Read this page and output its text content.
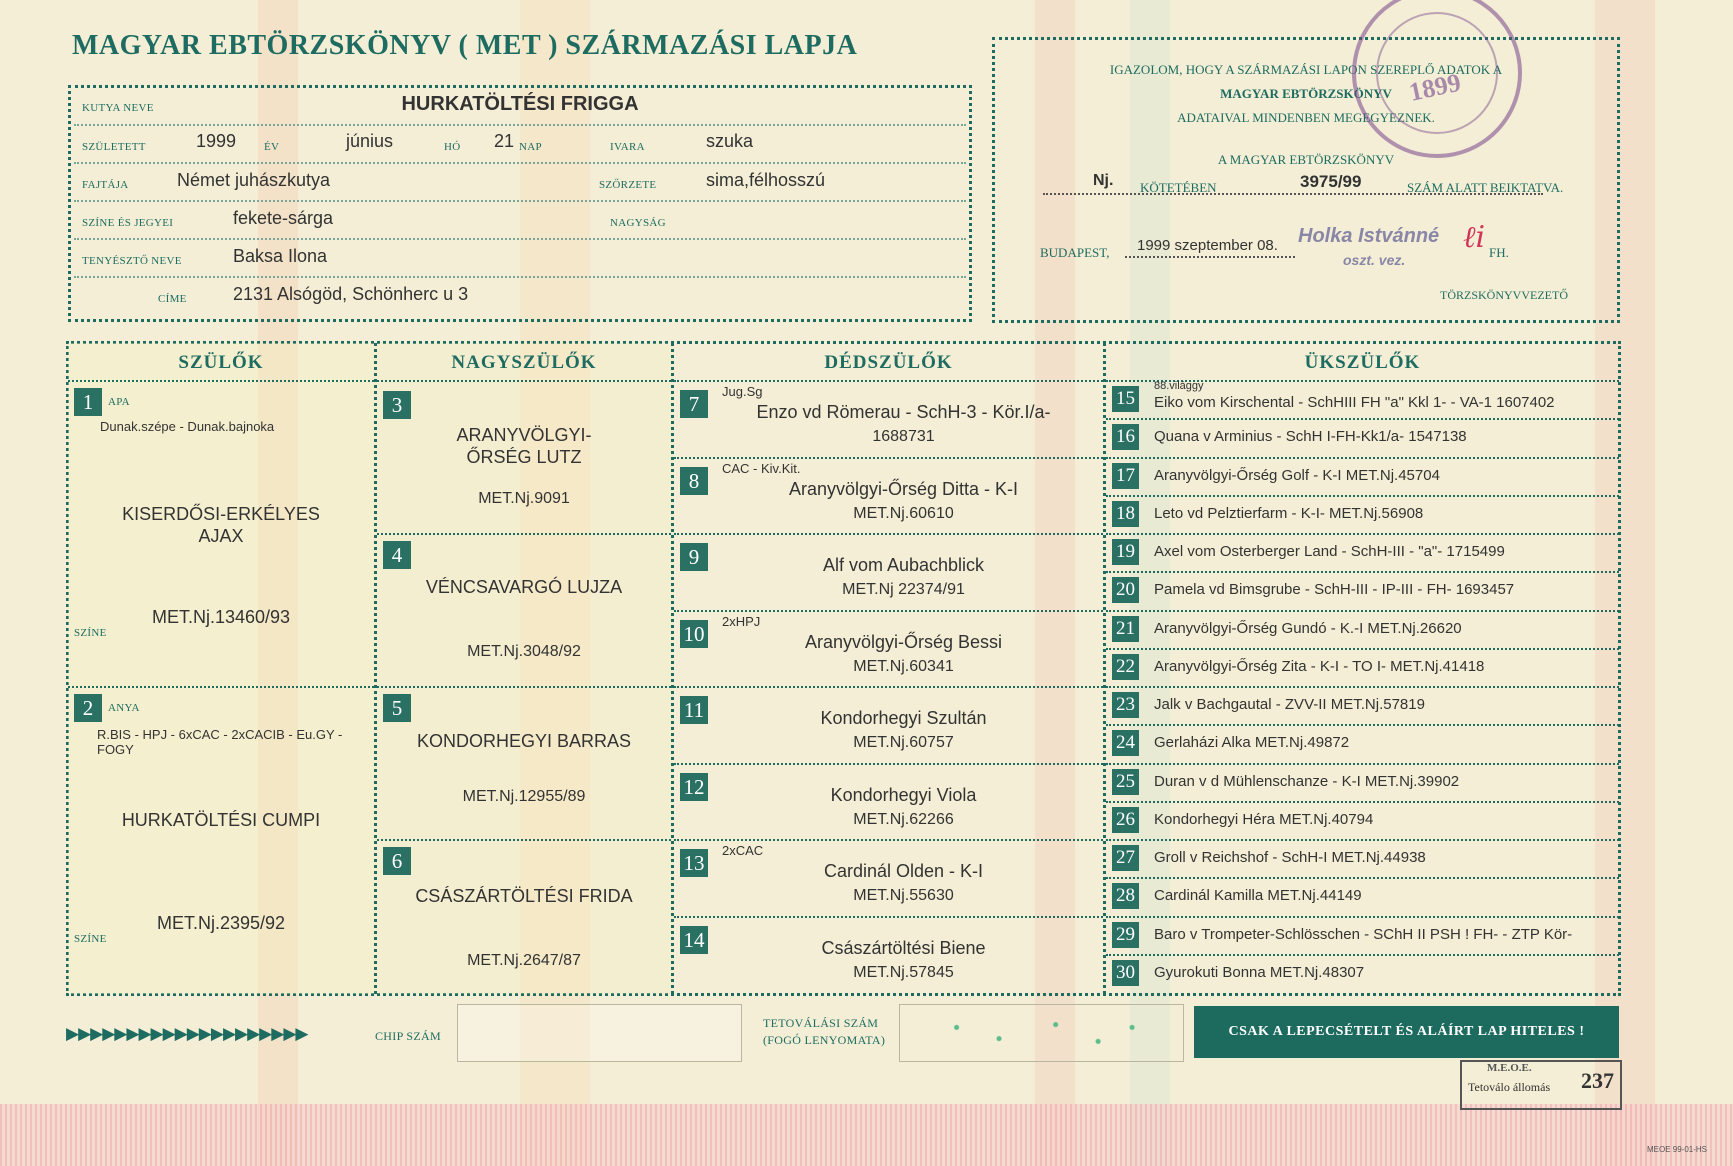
MAGYAR EBTÖRZSKÖNYV ( MET ) SZÁRMAZÁSI LAPJA
KUTYA NEVE	HURKATÖLTÉSI FRIGGA
SZÜLETETT	1999	ÉV	június	HÓ 21 NAP	IVARA	szuka
FAJTÁJA	Német juhászkutya	SZŐRZETE	sima,félhosszú
SZÍNE ÉS JEGYEI	fekete-sárga	NAGYSÁG
TENYÉSZTŐ NEVE	Baksa Ilona
CÍME	2131 Alsógöd, Schönherc u 3
IGAZOLOM, HOGY A SZÁRMAZÁSI LAPON SZEREPLŐ ADATOK A
MAGYAR EBTÖRZSKÖNYV
ADATAIVAL MINDENBEN MEGEGYEZNEK.
A MAGYAR EBTÖRZSKÖNYV
Nj. KÖTETÉBEN	3975/99	SZÁM ALATT BEIKTATVA.
BUDAPEST, 1999 szeptember 08. Holka Istvánné
oszt. vez.
ℓi FH.
TÖRZSKÖNYVVEZETŐ
1899
SZÜLŐK
1	APA
Dunak.szépe - Dunak.bajnoka
KISERDŐSI-ERKÉLYES AJAX
SZÍNE
MET.Nj.13460/93
2	ANYA
R.BIS - HPJ - 6xCAC - 2xCACIB - Eu.GY - FOGY
HURKATÖLTÉSI CUMPI
SZÍNE
MET.Nj.2395/92
NAGYSZÜLŐK
3
ARANYVÖLGYI-ŐRSÉG LUTZ
MET.Nj.9091
4
VÉNCSAVARGÓ LUJZA
MET.Nj.3048/92
5
KONDORHEGYI BARRAS
MET.Nj.12955/89
6
CSÁSZÁRTÖLTÉSI FRIDA
MET.Nj.2647/87
DÉDSZÜLŐK
7
Jug.Sg
Enzo vd Römerau - SchH-3 - Kör.I/a-
1688731
8
CAC - Kiv.Kit.
Aranyvölgyi-Őrség Ditta - K-I
MET.Nj.60610
9	Alf vom Aubachblick
MET.Nj 22374/91
10
2xHPJ
Aranyvölgyi-Őrség Bessi
MET.Nj.60341
11	Kondorhegyi Szultán
MET.Nj.60757
12	Kondorhegyi Viola
MET.Nj.62266
13
2xCAC
Cardinál Olden - K-I
MET.Nj.55630
14	Császártöltési Biene
MET.Nj.57845
ÜKSZÜLŐK
15
88.világgy
Eiko vom Kirschental - SchHIII FH "a" Kkl 1- - VA-1 1607402
16 Quana v Arminius - SchH I-FH-Kk1/a- 1547138
17 Aranyvölgyi-Őrség Golf - K-I MET.Nj.45704
18 Leto vd Pelztierfarm - K-I- MET.Nj.56908
19 Axel vom Osterberger Land - SchH-III - "a"- 1715499
20 Pamela vd Bimsgrube - SchH-III - IP-III - FH- 1693457
21 Aranyvölgyi-Őrség Gundó - K.-I MET.Nj.26620
22 Aranyvölgyi-Őrség Zita - K-I - TO I- MET.Nj.41418
23 Jalk v Bachgautal - ZVV-II MET.Nj.57819
24 Gerlaházi Alka MET.Nj.49872
25 Duran v d Mühlenschanze - K-I MET.Nj.39902
26 Kondorhegyi Héra MET.Nj.40794
27 Groll v Reichshof - SchH-I MET.Nj.44938
28 Cardinál Kamilla MET.Nj.44149
29 Baro v Trompeter-Schlösschen - SChH II PSH ! FH- - ZTP Kör-
30 Gyurokuti Bonna MET.Nj.48307
▶▶▶▶▶▶▶▶▶▶▶▶▶▶▶▶▶▶▶▶	CHIP SZÁM
TETOVÁLÁSI SZÁM
(FOGÓ LENYOMATA)
CSAK A LEPECSÉTELT ÉS ALÁÍRT LAP HITELES !
M.E.O.E.
Tetoválo állomás 237
MEOE 99-01-HS
